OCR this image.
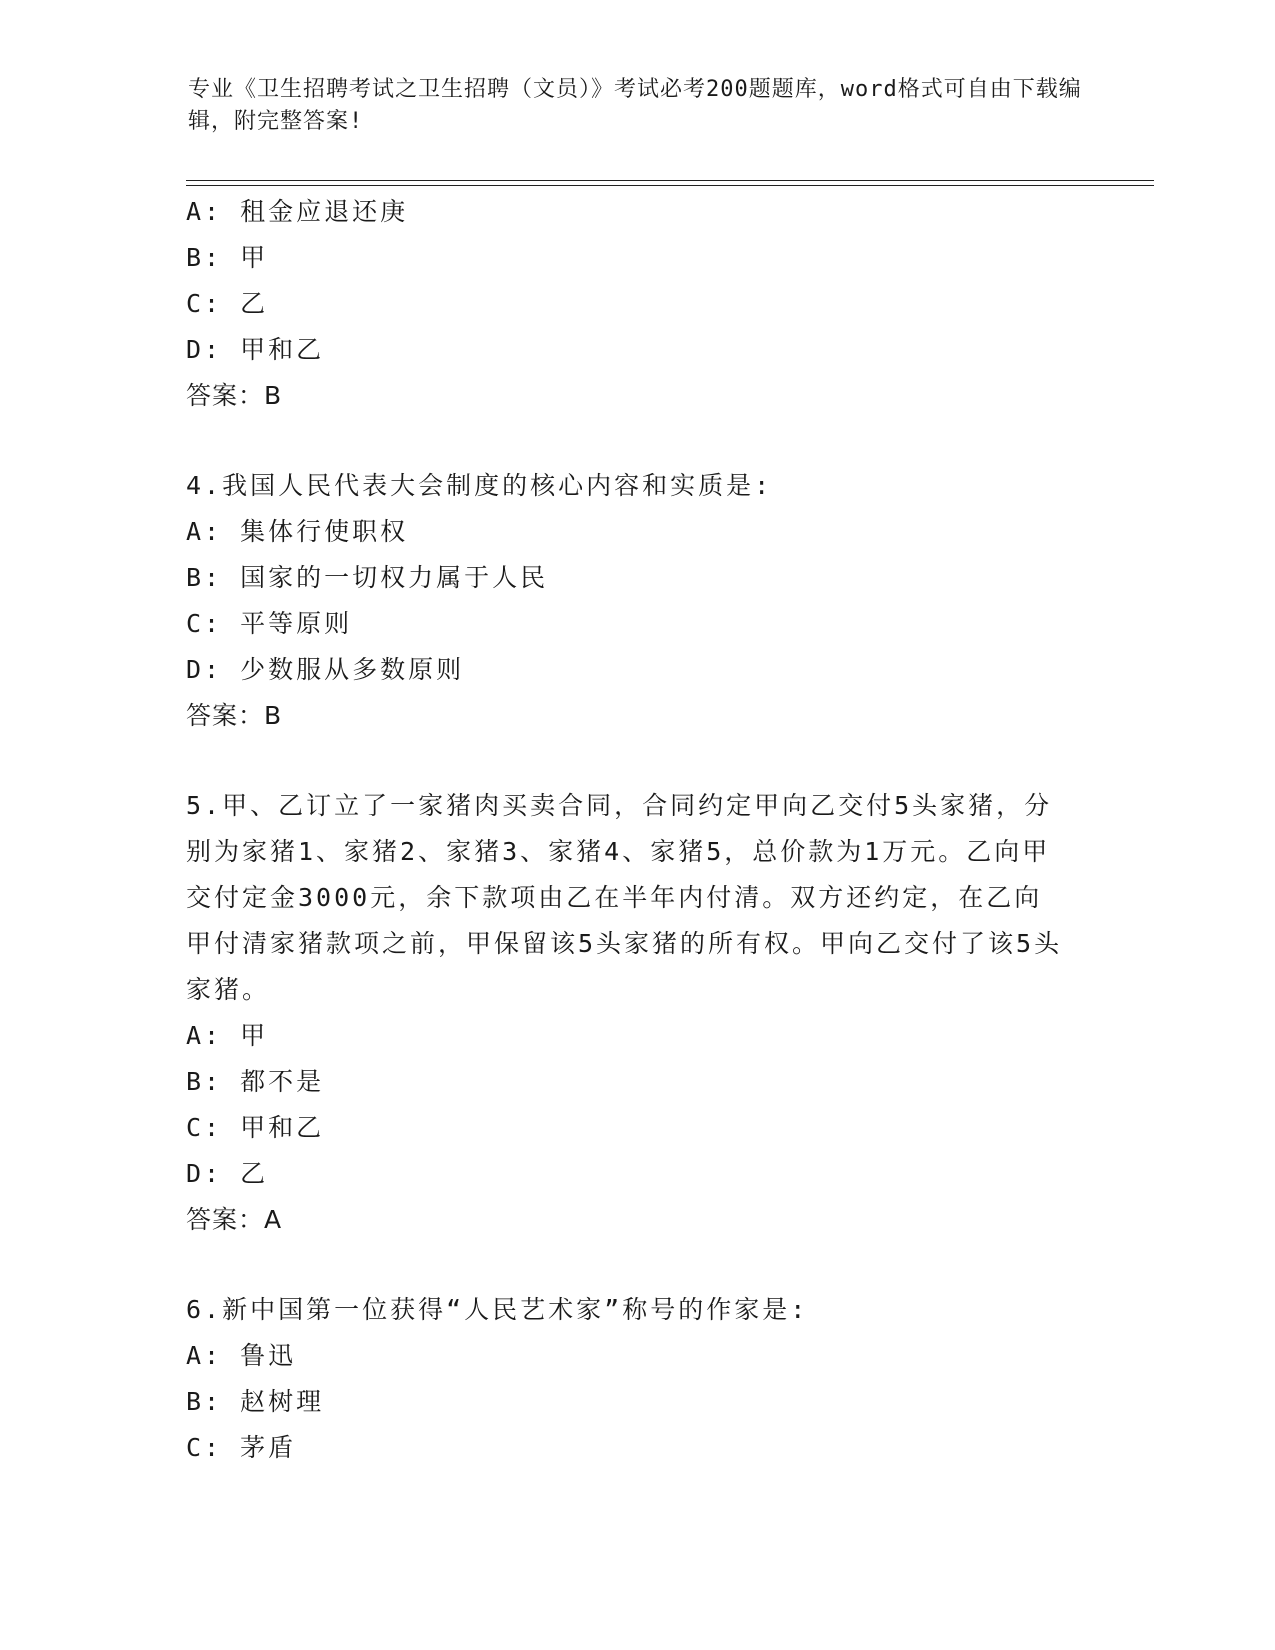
专业《卫生招聘考试之卫生招聘（文员）》考试必考200题题库，word格式可自由下载编辑，附完整答案!
A: 租金应退还庚
B: 甲
C: 乙
D: 甲和乙
答案：B
4.我国人民代表大会制度的核心内容和实质是:
A: 集体行使职权
B: 国家的一切权力属于人民
C: 平等原则
D: 少数服从多数原则
答案：B
5.甲、乙订立了一家猪肉买卖合同，合同约定甲向乙交付5头家猪，分别为家猪1、家猪2、家猪3、家猪4、家猪5，总价款为1万元。乙向甲交付定金3000元，余下款项由乙在半年内付清。双方还约定，在乙向甲付清家猪款项之前，甲保留该5头家猪的所有权。甲向乙交付了该5头家猪。
A: 甲
B: 都不是
C: 甲和乙
D: 乙
答案：A
6.新中国第一位获得“人民艺术家”称号的作家是:
A: 鲁迅
B: 赵树理
C: 茅盾
